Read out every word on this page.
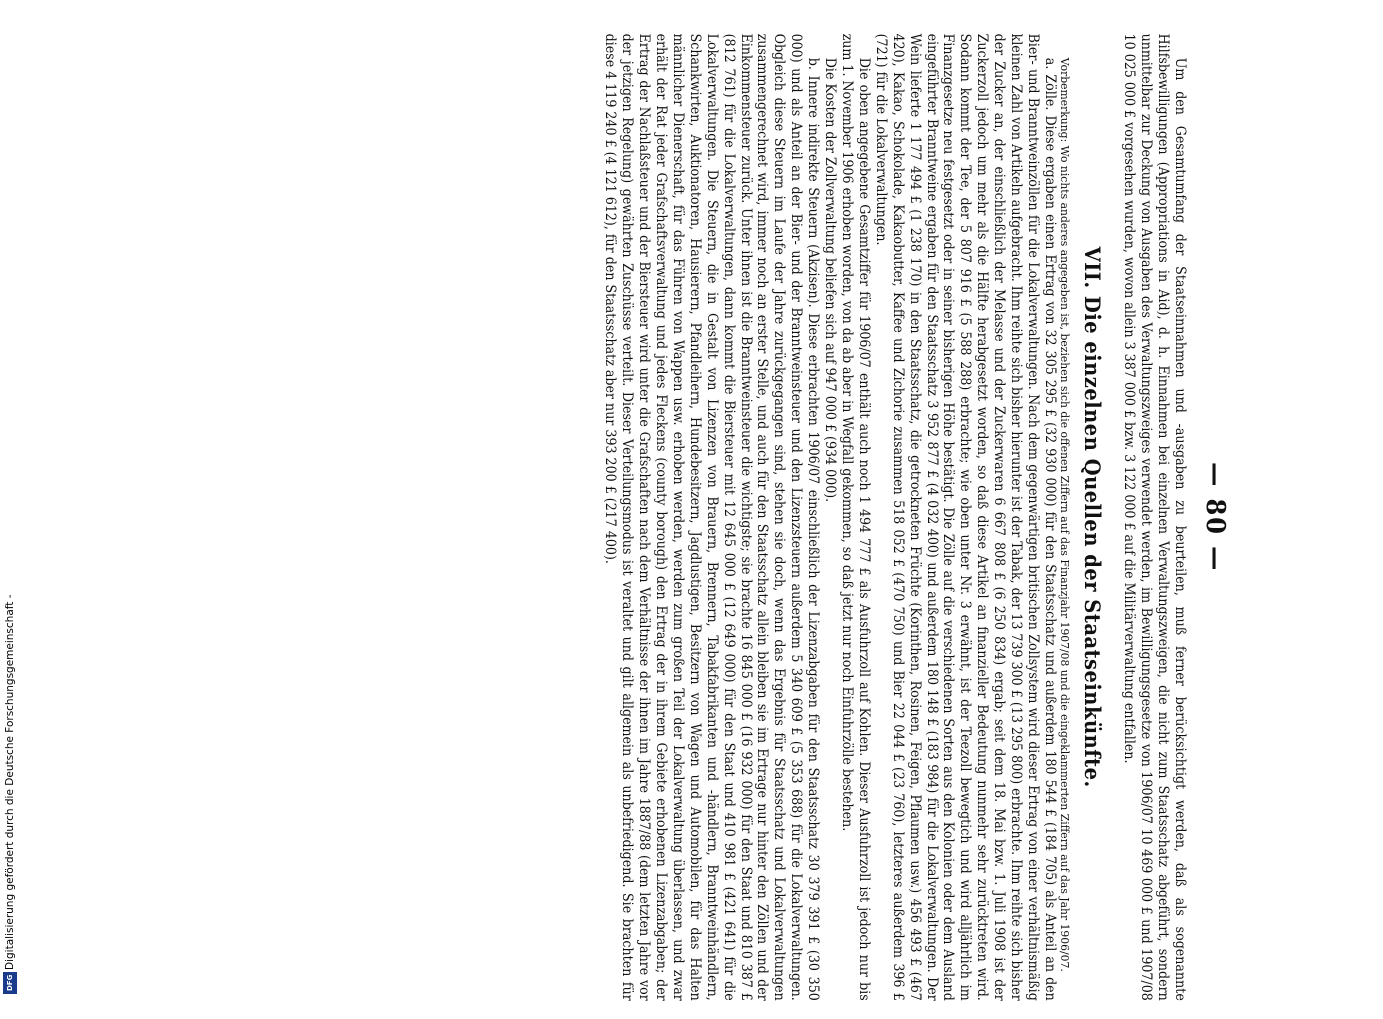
Digitalisierung gefördert durch die Deutsche Forschungsgemeinschaft -
DFG
— 80 —

Um den Gesamtumfang der Staatseinnahmen und -ausgaben zu beurteilen, muß ferner berücksichtigt werden, daß als sogenannte Hilfsbewilligungen (Appropriations in Aid), d. h. Einnahmen bei einzelnen Verwaltungszweigen, die nicht zum Staatsschatz abgeführt, sondern unmittelbar zur Deckung von Ausgaben des Verwaltungszweiges verwendet werden, im Bewilligungsgesetze von 1906/07 10 469 000 £ und 1907/08 10 025 000 £ vorgesehen wurden, wovon allein 3 387 000 £ bzw. 3 122 000 £ auf die Militärverwaltung entfallen.

VII. Die einzelnen Quellen der Staatseinkünfte.

Vorbemerkung: Wo nichts anderes angegeben ist, beziehen sich die offenen Ziffern auf das Finanzjahr 1907/08 und die eingeklammerten Ziffern auf das Jahr 1906/07.

a. Zölle. Diese ergaben einen Ertrag von 32 305 295 £ (32 930 000) für den Staatsschatz und außerdem 180 544 £ (184 705) als Anteil an den Bier- und Branntweinzöllen für die Lokalverwaltungen. Nach dem gegenwärtigen britischen Zollsystem wird dieser Ertrag von einer verhältnismäßig kleinen Zahl von Artikeln aufgebracht. Ihm reihte sich bisher hierunter ist der Tabak, der 13 739 300 £ (13 295 800) erbrachte. Ihm reihte sich bisher der Zucker an, der einschließlich der Melasse und der Zuckerwaren 6 667 808 £ (6 250 834) ergab; seit dem 18. Mai bzw. 1. Juli 1908 ist der Zuckerzoll jedoch um mehr als die Hälfte herabgesetzt worden, so daß diese Artikel an finanzieller Bedeutung nunmehr sehr zurücktreten wird. Sodann kommt der Tee, der 5 807 916 £ (5 588 288) erbrachte; wie oben unter Nr. 3 erwähnt, ist der Teezoll bewegtich und wird alljährlich im Finanzgesetze neu festgesetzt oder in seiner bisherigen Höhe bestätigt. Die Zölle auf die verschiedenen Sorten aus den Kolonien oder dem Ausland eingeführter Branntweine ergaben für den Staatsschatz 3 952 877 £ (4 032 400) und außerdem 180 148 £ (183 984) für die Lokalverwaltungen. Der Wein lieferte 1 177 494 £ (1 238 170) in den Staatsschatz, die getrockneten Früchte (Korinthen, Rosinen, Feigen, Pflaumen usw.) 456 493 £ (467 420), Kakao, Schokolade, Kakaobutter, Kaffee und Zichorie zusammen 518 052 £ (470 750) und Bier 22 044 £ (23 760), letzteres außerdem 396 £ (721) für die Lokalverwaltungen.

Die oben angegebene Gesamtziffer für 1906/07 enthält auch noch 1 494 777 £ als Ausfuhrzoll auf Kohlen. Dieser Ausfuhrzoll ist jedoch nur bis zum 1. November 1906 erhoben worden, von da ab aber in Wegfall gekommen, so daß jetzt nur noch Einfuhrzölle bestehen.

Die Kosten der Zollverwaltung beliefen sich auf 947 000 £ (934 000).

b. Innere indirekte Steuern (Akzisen). Diese erbrachten 1906/07 einschließlich der Lizenzabgaben für den Staatsschatz 30 379 391 £ (30 350 000) und als Anteil an der Bier- und der Branntweinsteuer und den Lizenzsteuern außerdem 5 340 609 £ (5 353 688) für die Lokalverwaltungen. Obgleich diese Steuern im Laufe der Jahre zurückgegangen sind, stehen sie doch, wenn das Ergebnis für Staatsschatz und Lokalverwaltungen zusammengerechnet wird, immer noch an erster Stelle, und auch für den Staatsschatz allein bleiben sie im Ertrage nur hinter den Zöllen und der Einkommensteuer zurück. Unter ihnen ist die Branntweinsteuer die wichtigste; sie brachte 16 845 000 £ (16 932 000) für den Staat und 810 387 £ (812 761) für die Lokalverwaltungen, dann kommt die Biersteuer mit 12 645 000 £ (12 649 000) für den Staat und 410 981 £ (421 641) für die Lokalverwaltungen. Die Steuern, die in Gestalt von Lizenzen von Brauern, Brennern, Tabakfabrikanten und -händlern, Branntweinhändlern, Schankwirten, Auktionatoren, Hausierern, Pfandleihern, Hundebesitzern, Jagdlustigen, Besitzern von Wagen und Automobilen, für das Halten männlicher Dienerschaft, für das Führen von Wappen usw. erhoben werden, werden zum großen Teil der Lokalverwaltung überlassen, und zwar erhält der Rat jeder Grafschaftsverwaltung und jedes Fleckens (county borough) den Ertrag der in ihrem Gebiete erhobenen Lizenzabgaben; der Ertrag der Nachlaßsteuer und der Biersteuer wird unter die Grafschaften nach dem Verhältnisse der ihnen im Jahre 1887/88 (dem letzten Jahre vor der jetzigen Regelung) gewährten Zuschüsse verteilt. Dieser Verteilungsmodus ist veraltet und gilt allgemein als unbefriedigend. Sie brachten für diese 4 119 240 £ (4 121 612), für den Staatsschatz aber nur 393 200 £ (217 400).
